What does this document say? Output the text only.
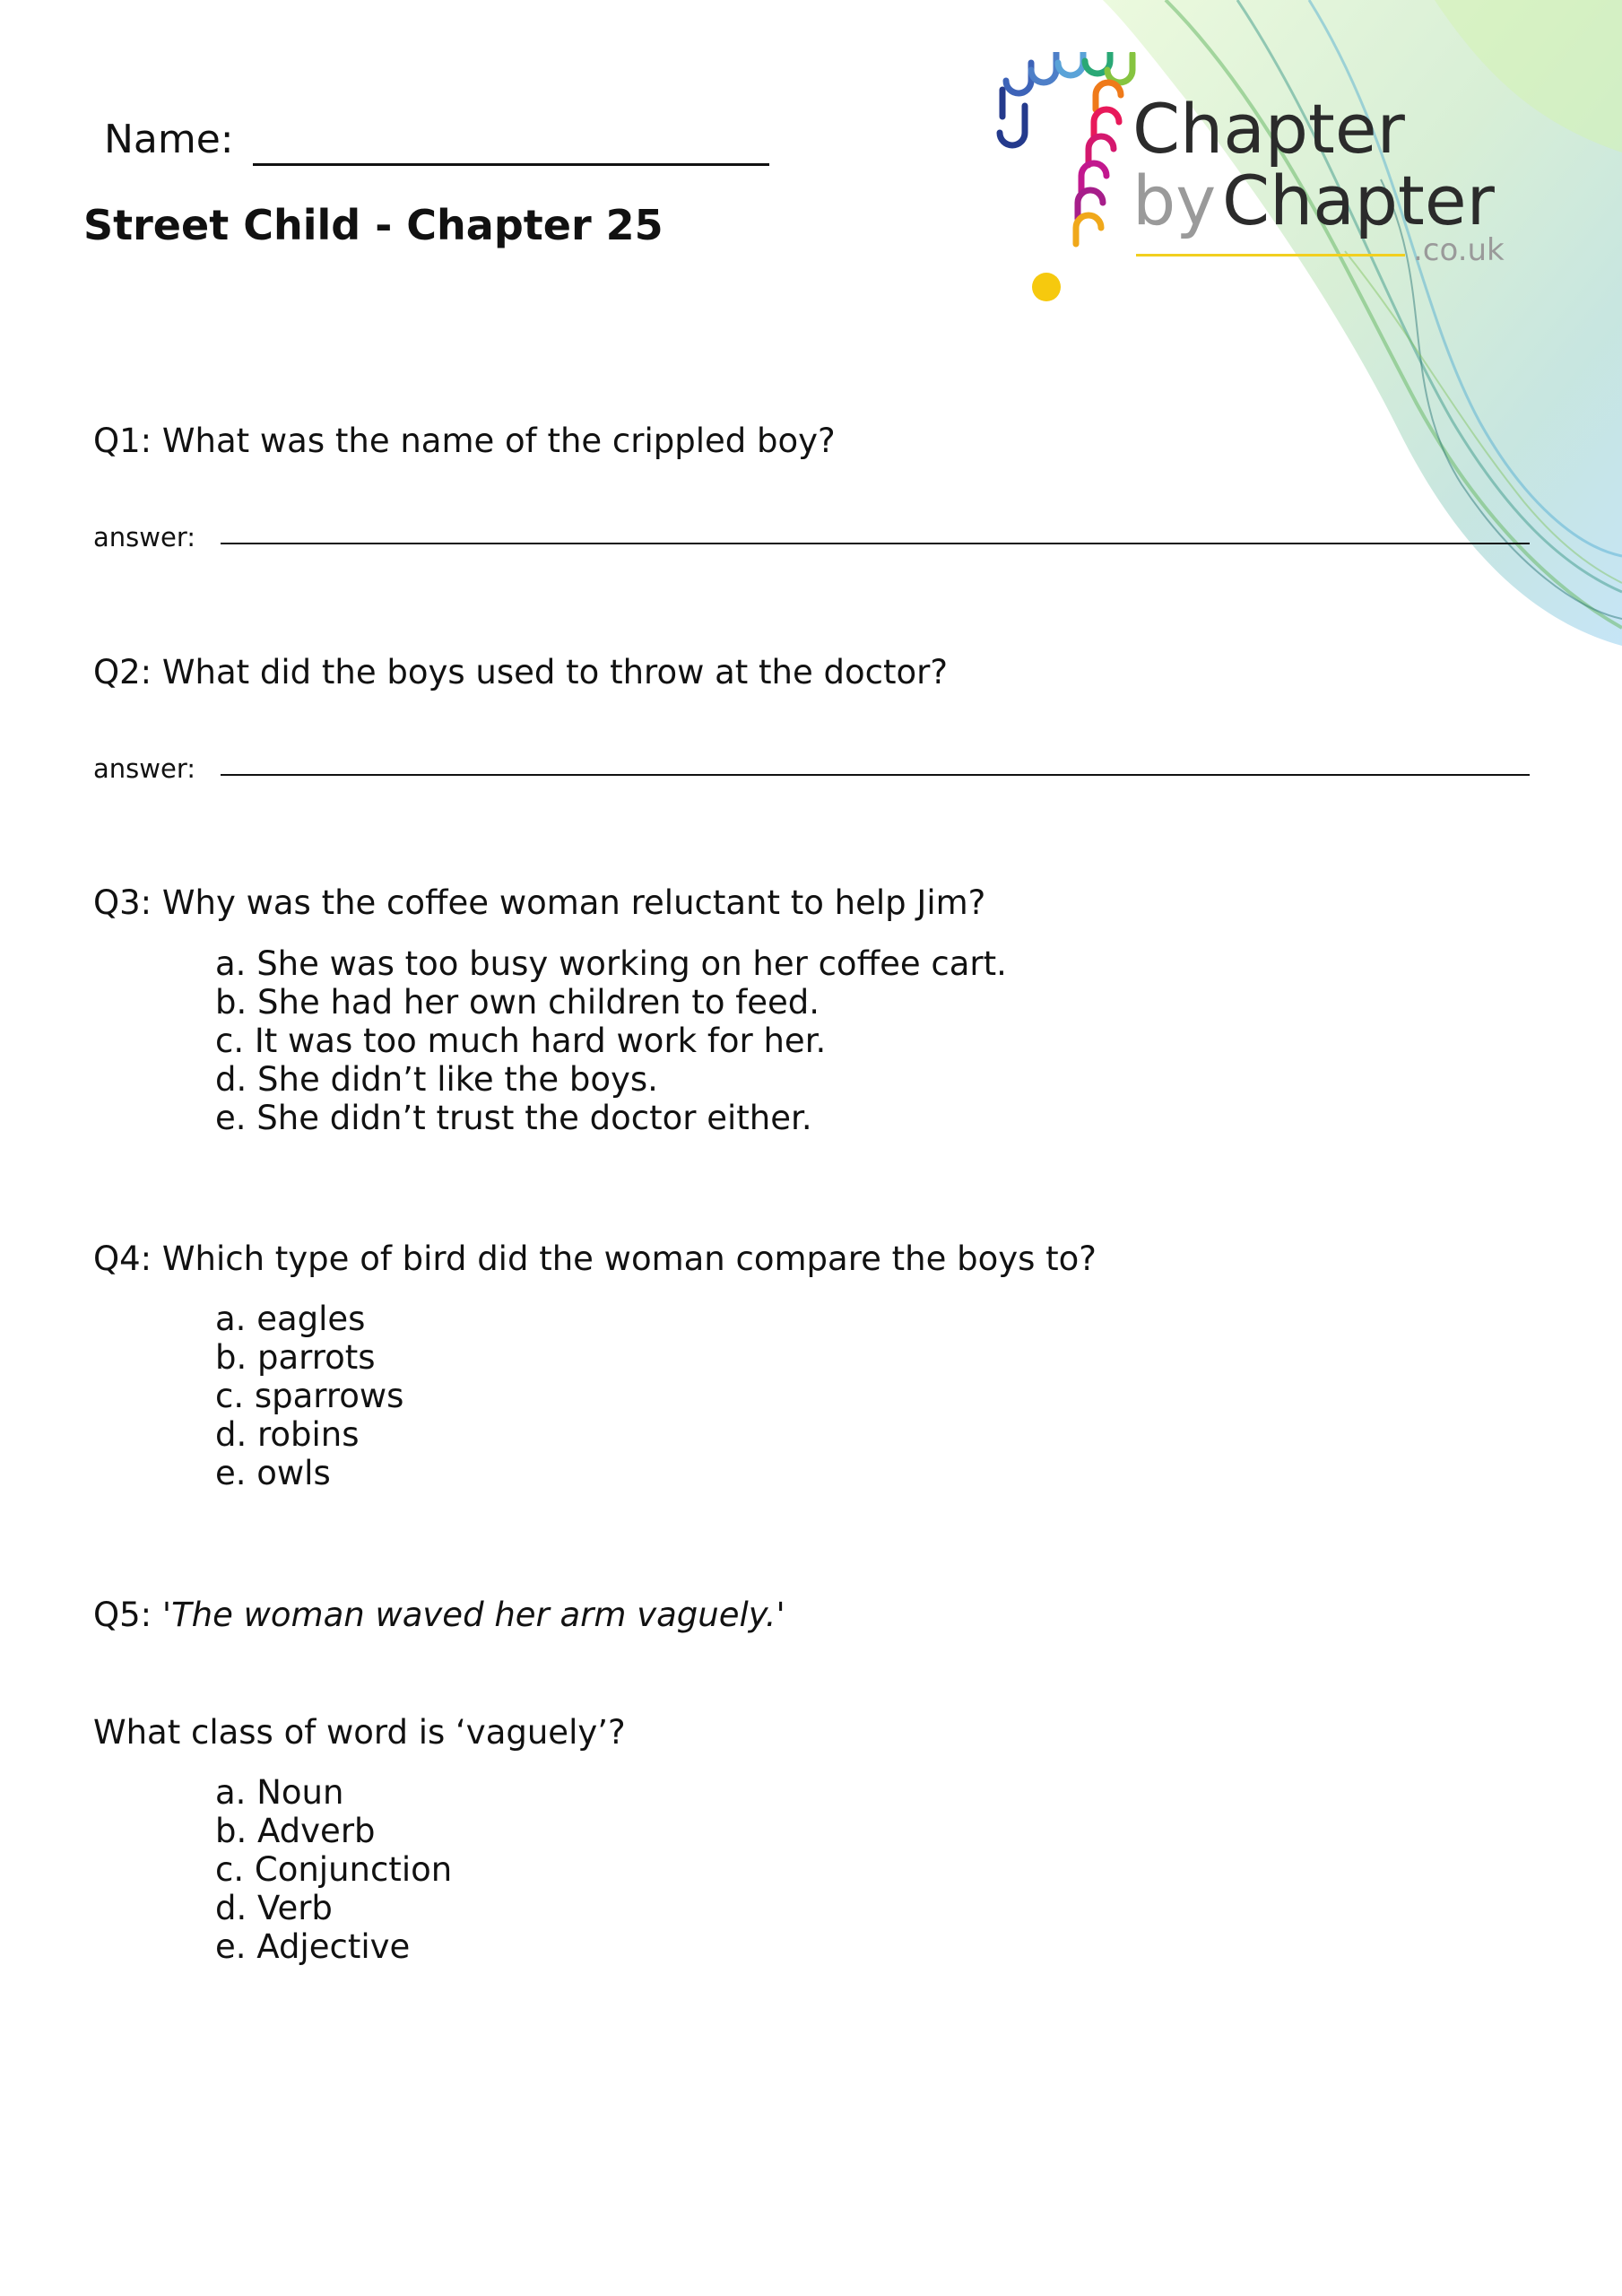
Chapter
by Chapter
.co.uk
Name:
Street Child - Chapter 25
Q1: What was the name of the crippled boy?
answer:
Q2: What did the boys used to throw at the doctor?
answer:
Q3: Why was the coffee woman reluctant to help Jim?
a. She was too busy working on her coffee cart.
b. She had her own children to feed.
c. It was too much hard work for her.
d. She didn’t like the boys.
e. She didn’t trust the doctor either.
Q4: Which type of bird did the woman compare the boys to?
a. eagles
b. parrots
c. sparrows
d. robins
e. owls
Q5: 'The woman waved her arm vaguely.'
What class of word is ‘vaguely’?
a. Noun
b. Adverb
c. Conjunction
d. Verb
e. Adjective
